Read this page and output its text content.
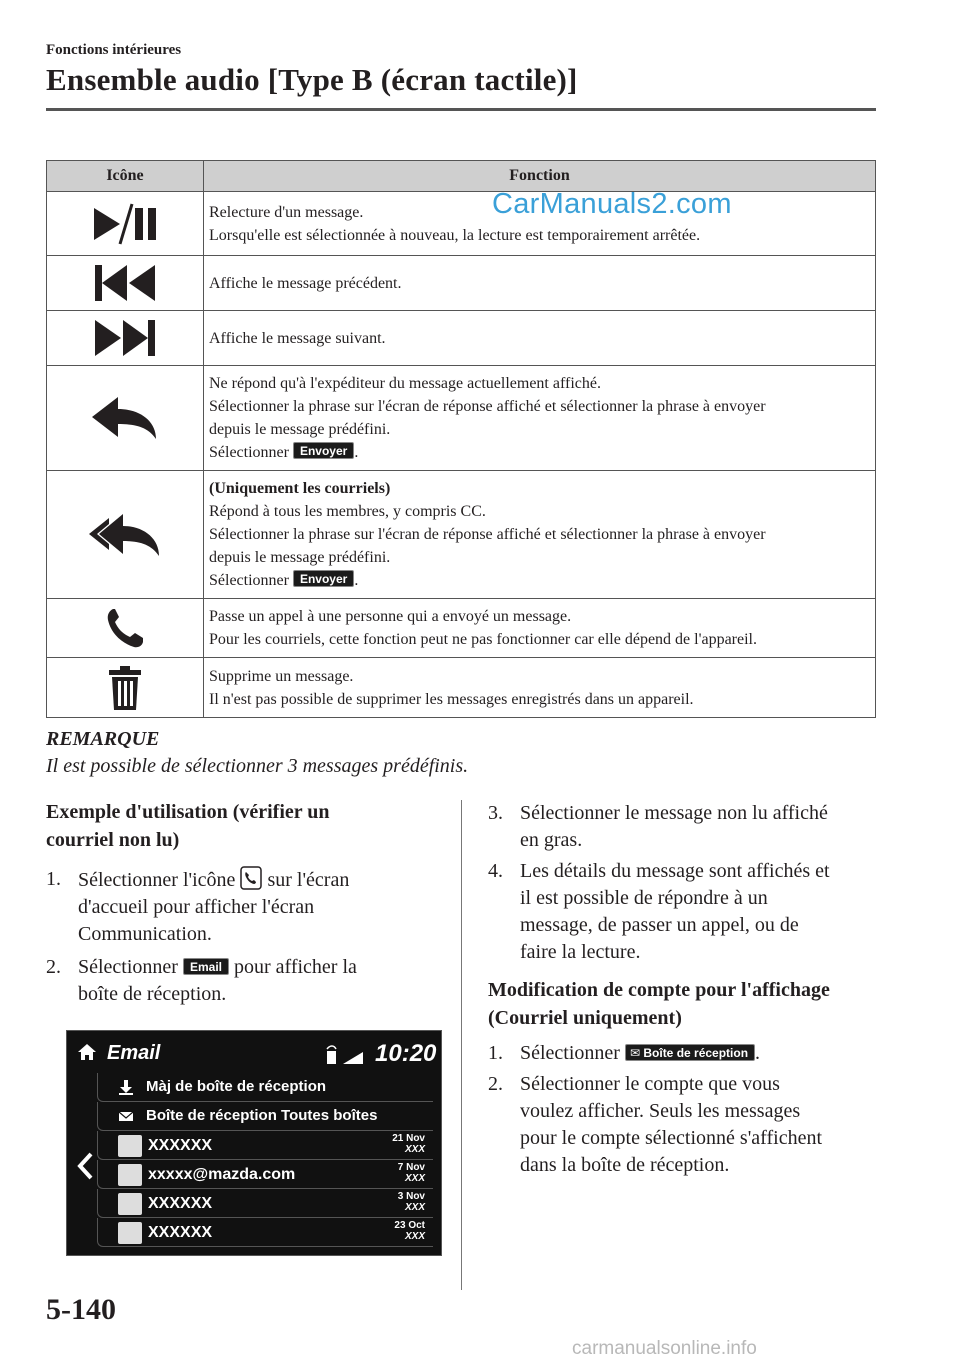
Fonctions intérieures
Ensemble audio [Type B (écran tactile)]
Icône	Fonction

Relecture d'un message.
Lorsqu'elle est sélectionnée à nouveau, la lecture est temporairement arrêtée.

Affiche le message précédent.

Affiche le message suivant.

Ne répond qu'à l'expéditeur du message actuellement affiché.
Sélectionner la phrase sur l'écran de réponse affiché et sélectionner la phrase à envoyer
depuis le message prédéfini.
Sélectionner Envoyer .

(Uniquement les courriels)
Répond à tous les membres, y compris CC.
Sélectionner la phrase sur l'écran de réponse affiché et sélectionner la phrase à envoyer
depuis le message prédéfini.
Sélectionner Envoyer .

Passe un appel à une personne qui a envoyé un message.
Pour les courriels, cette fonction peut ne pas fonctionner car elle dépend de l'appareil.

Supprime un message.
Il n'est pas possible de supprimer les messages enregistrés dans un appareil.
CarManuals2.com
REMARQUE
Il est possible de sélectionner 3 messages prédéfinis.
Exemple d'utilisation (vérifier un
courriel non lu)
1. Sélectionner l'icône sur l'écran
d'accueil pour afficher l'écran
Communication.
2. Sélectionner Email pour afficher la
boîte de réception.
Email	10:20
Màj de boîte de réception
Boîte de réception Toutes boîtes
XXXXXX	21 Nov
XXX
xxxxx@mazda.com	7 Nov
XXX
XXXXXX	3 Nov
XXX
XXXXXX	23 Oct
XXX
3. Sélectionner le message non lu affiché
en gras.
4. Les détails du message sont affichés et
il est possible de répondre à un
message, de passer un appel, ou de
faire la lecture.
Modification de compte pour l'affichage
(Courriel uniquement)
1. Sélectionner ✉ Boîte de réception .
2. Sélectionner le compte que vous
voulez afficher. Seuls les messages
pour le compte sélectionné s'affichent
dans la boîte de réception.
5-140
carmanualsonline.info
